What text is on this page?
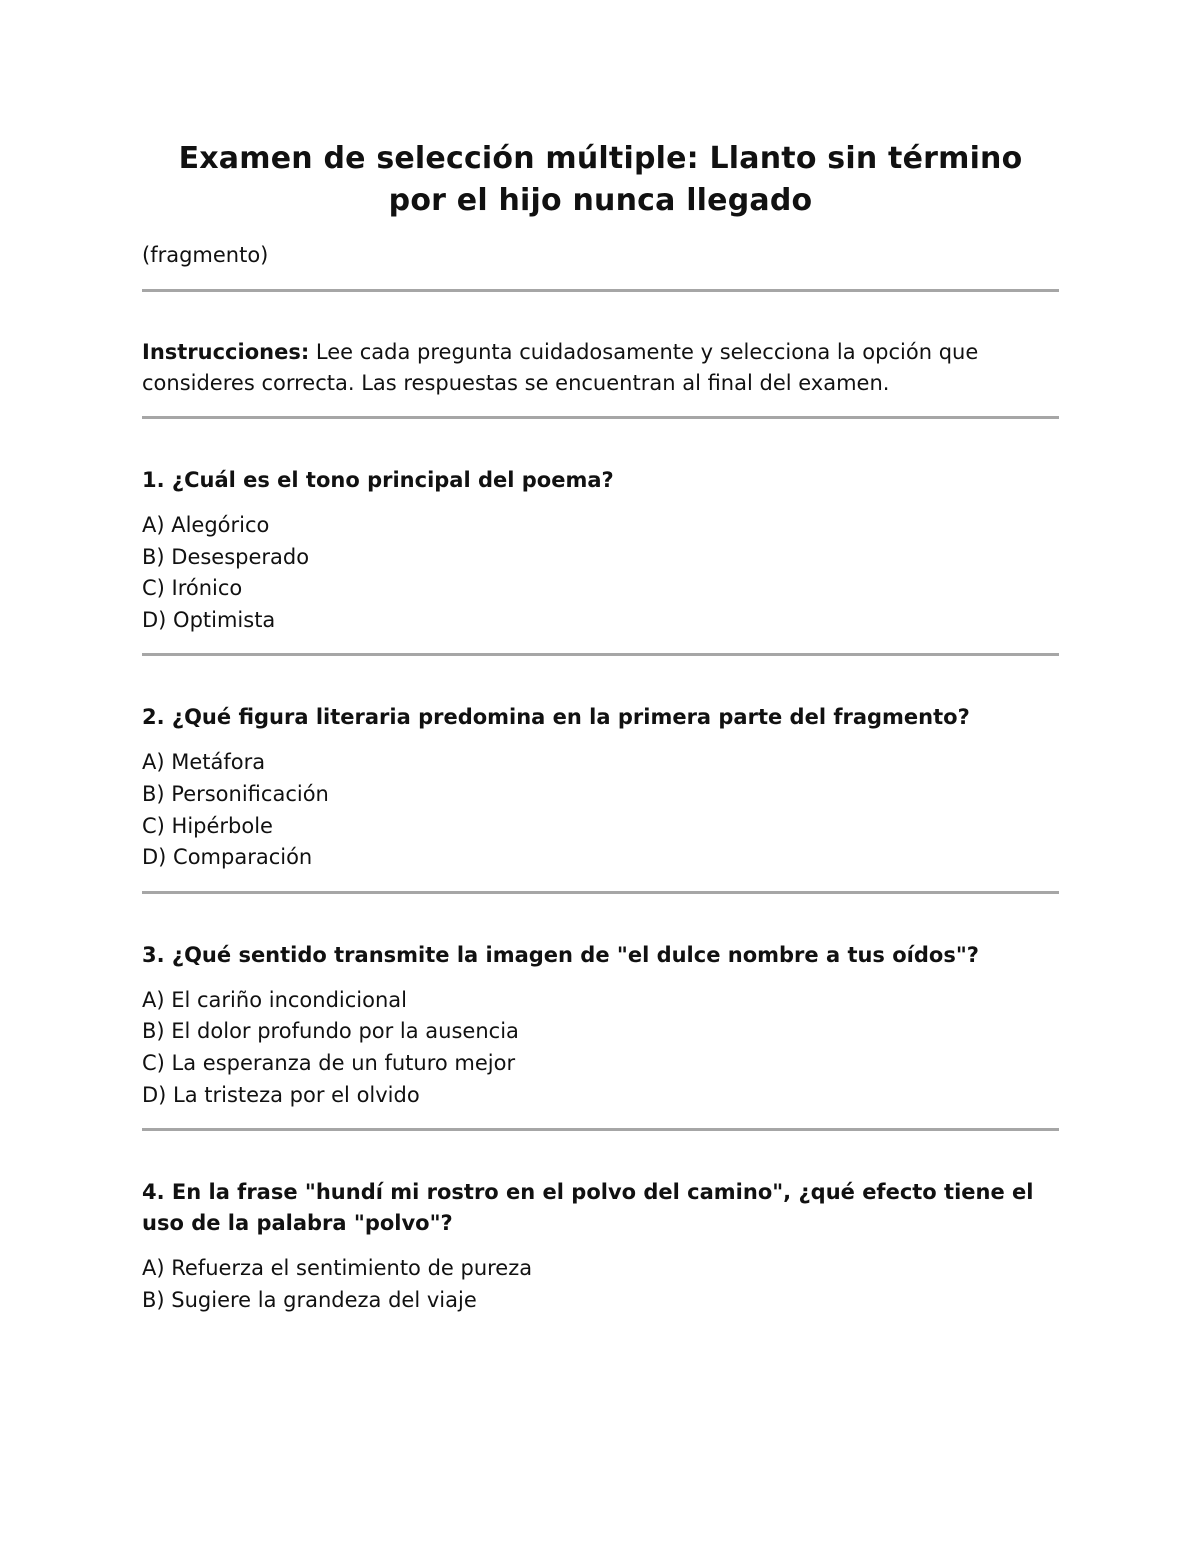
Examen de selección múltiple: Llanto sin término
por el hijo nunca llegado

(fragmento)

Instrucciones: Lee cada pregunta cuidadosamente y selecciona la opción que consideres correcta. Las respuestas se encuentran al final del examen.

1. ¿Cuál es el tono principal del poema?

A) Alegórico
B) Desesperado
C) Irónico
D) Optimista

2. ¿Qué figura literaria predomina en la primera parte del fragmento?

A) Metáfora
B) Personificación
C) Hipérbole
D) Comparación

3. ¿Qué sentido transmite la imagen de "el dulce nombre a tus oídos"?

A) El cariño incondicional
B) El dolor profundo por la ausencia
C) La esperanza de un futuro mejor
D) La tristeza por el olvido

4. En la frase "hundí mi rostro en el polvo del camino", ¿qué efecto tiene el uso de la palabra "polvo"?

A) Refuerza el sentimiento de pureza
B) Sugiere la grandeza del viaje
